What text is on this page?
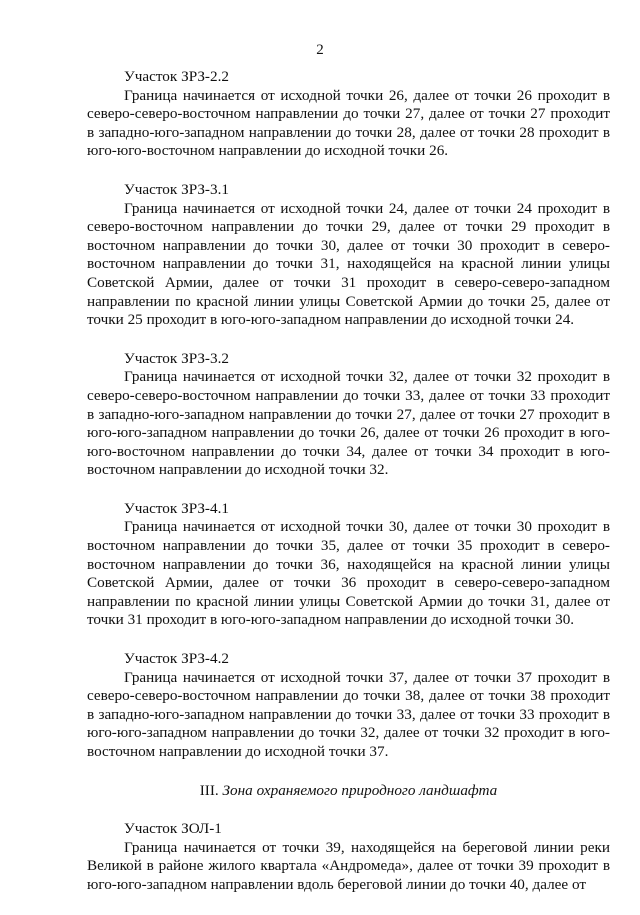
2
Участок ЗРЗ-2.2

Граница начинается от исходной точки 26, далее от точки 26 проходит в северо-северо-восточном направлении до точки 27, далее от точки 27 проходит в западно-юго-западном направлении до точки 28, далее от точки 28 проходит в юго-юго-восточном направлении до исходной точки 26.

Участок ЗРЗ-3.1

Граница начинается от исходной точки 24, далее от точки 24 проходит в северо-восточном направлении до точки 29, далее от точки 29 проходит в восточном направлении до точки 30, далее от точки 30 проходит в северо-восточном направлении до точки 31, находящейся на красной линии улицы Советской Армии, далее от точки 31 проходит в северо-северо-западном направлении по красной линии улицы Советской Армии до точки 25, далее от точки 25 проходит в юго-юго-западном направлении до исходной точки 24.

Участок ЗРЗ-3.2

Граница начинается от исходной точки 32, далее от точки 32 проходит в северо-северо-восточном направлении до точки 33, далее от точки 33 проходит в западно-юго-западном направлении до точки 27, далее от точки 27 проходит в юго-юго-западном направлении до точки 26, далее от точки 26 проходит в юго-юго-восточном направлении до точки 34, далее от точки 34 проходит в юго-восточном направлении до исходной точки 32.

Участок ЗРЗ-4.1

Граница начинается от исходной точки 30, далее от точки 30 проходит в восточном направлении до точки 35, далее от точки 35 проходит в северо-восточном направлении до точки 36, находящейся на красной линии улицы Советской Армии, далее от точки 36 проходит в северо-северо-западном направлении по красной линии улицы Советской Армии до точки 31, далее от точки 31 проходит в юго-юго-западном направлении до исходной точки 30.

Участок ЗРЗ-4.2

Граница начинается от исходной точки 37, далее от точки 37 проходит в северо-северо-восточном направлении до точки 38, далее от точки 38 проходит в западно-юго-западном направлении до точки 33, далее от точки 33 проходит в юго-юго-западном направлении до точки 32, далее от точки 32 проходит в юго-восточном направлении до исходной точки 37.

III. Зона охраняемого природного ландшафта
Участок ЗОЛ-1

Граница начинается от точки 39, находящейся на береговой линии реки Великой в районе жилого квартала «Андромеда», далее от точки 39 проходит в юго-юго-западном направлении вдоль береговой линии до точки 40, далее от
